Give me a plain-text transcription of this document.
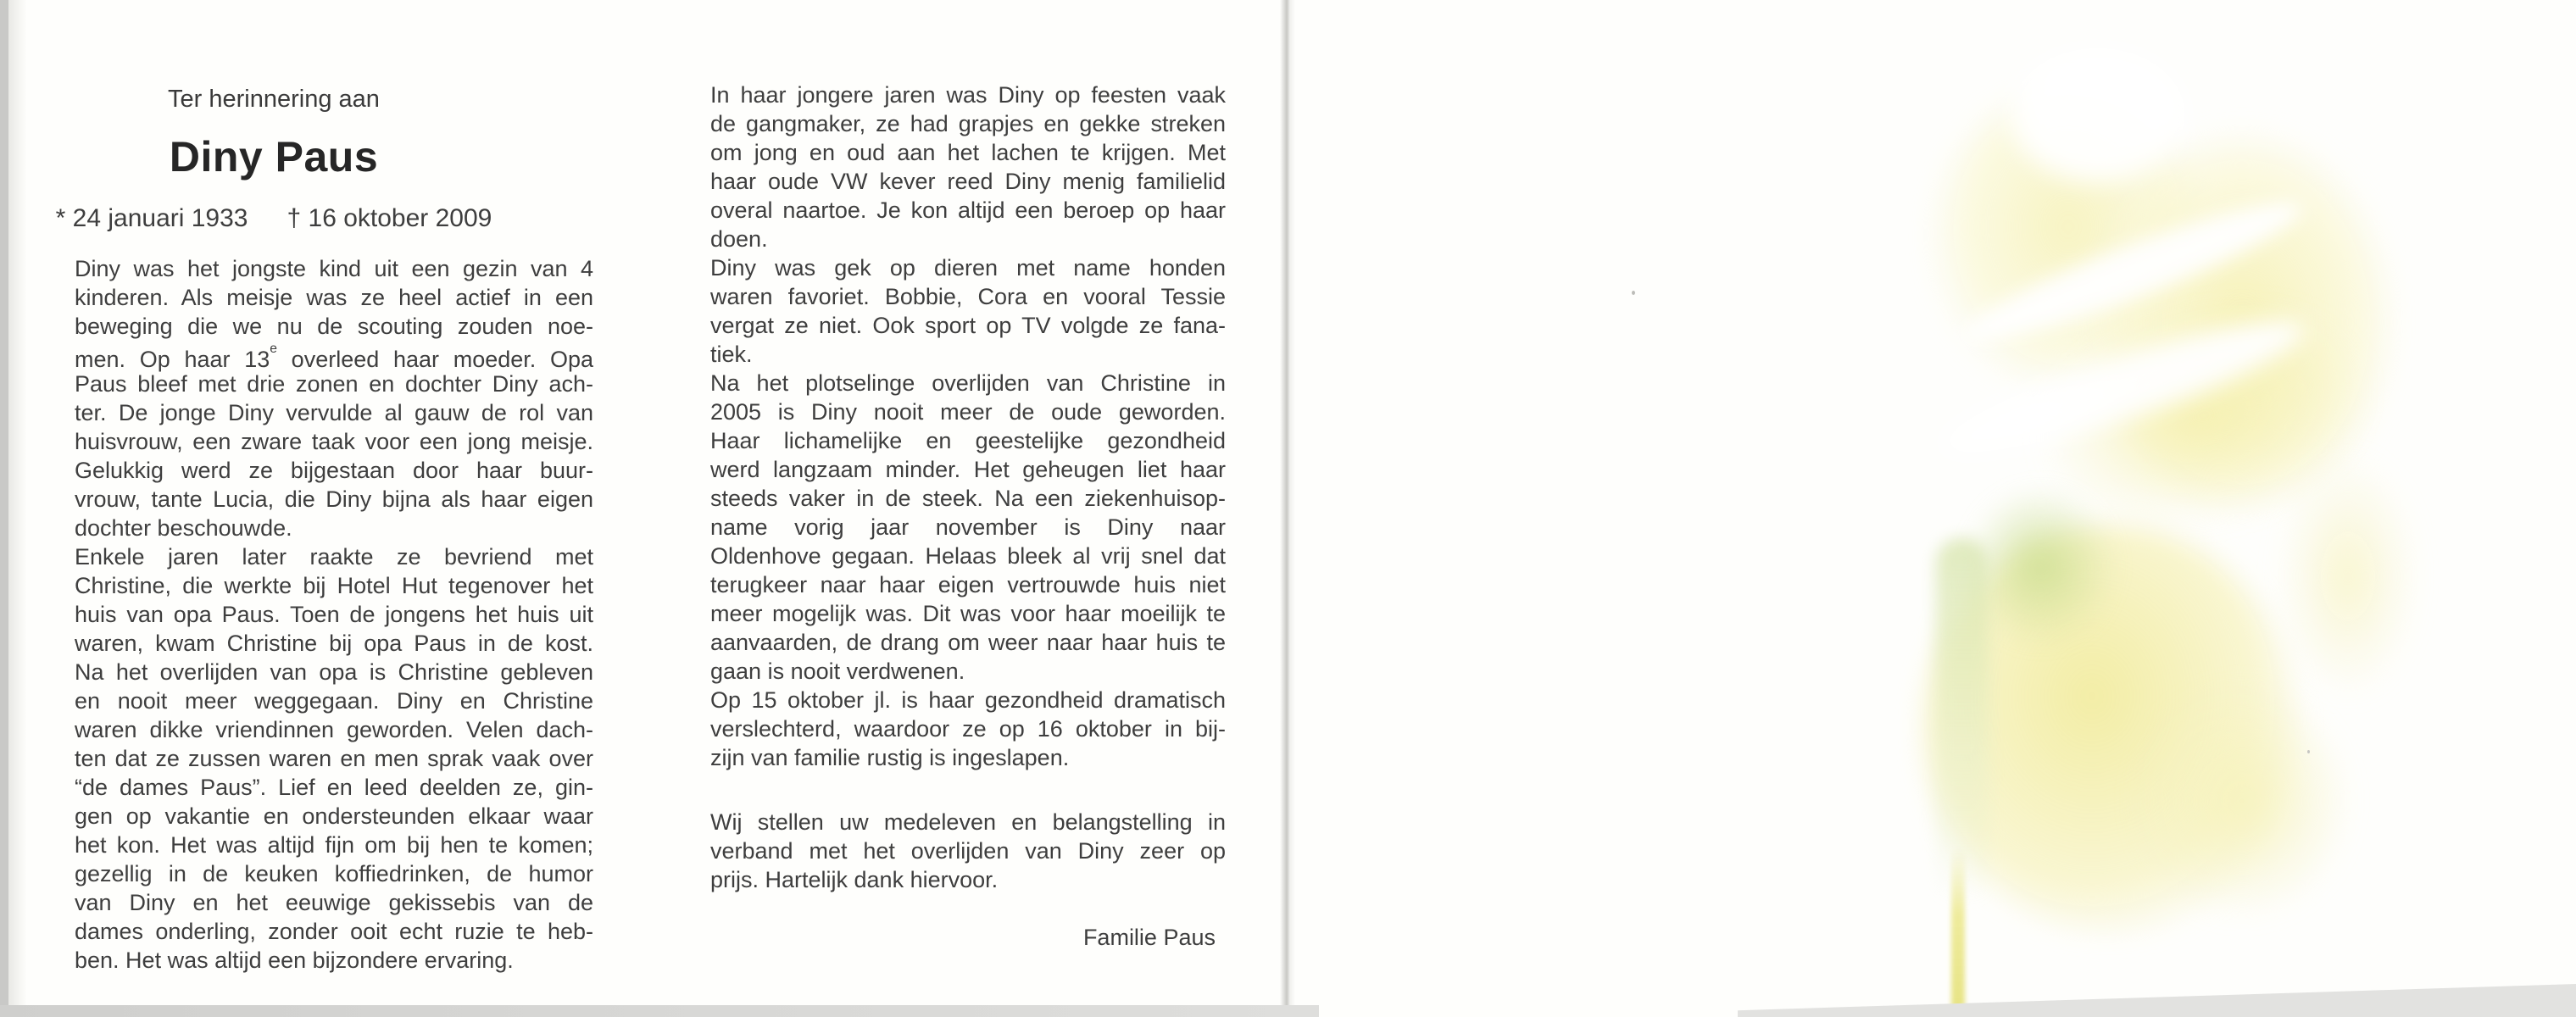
Ter herinnering aan
Diny Paus
* 24 januari 1933 † 16 oktober 2009
Diny was het jongste kind uit een gezin van 4
kinderen. Als meisje was ze heel actief in een
beweging die we nu de scouting zouden noe-
men. Op haar 13e overleed haar moeder. Opa
Paus bleef met drie zonen en dochter Diny ach-
ter. De jonge Diny vervulde al gauw de rol van
huisvrouw, een zware taak voor een jong meisje.
Gelukkig werd ze bijgestaan door haar buur-
vrouw, tante Lucia, die Diny bijna als haar eigen
dochter beschouwde.
Enkele jaren later raakte ze bevriend met
Christine, die werkte bij Hotel Hut tegenover het
huis van opa Paus. Toen de jongens het huis uit
waren, kwam Christine bij opa Paus in de kost.
Na het overlijden van opa is Christine gebleven
en nooit meer weggegaan. Diny en Christine
waren dikke vriendinnen geworden. Velen dach-
ten dat ze zussen waren en men sprak vaak over
“de dames Paus”. Lief en leed deelden ze, gin-
gen op vakantie en ondersteunden elkaar waar
het kon. Het was altijd fijn om bij hen te komen;
gezellig in de keuken koffiedrinken, de humor
van Diny en het eeuwige gekissebis van de
dames onderling, zonder ooit echt ruzie te heb-
ben. Het was altijd een bijzondere ervaring.
In haar jongere jaren was Diny op feesten vaak
de gangmaker, ze had grapjes en gekke streken
om jong en oud aan het lachen te krijgen. Met
haar oude VW kever reed Diny menig familielid
overal naartoe. Je kon altijd een beroep op haar
doen.
Diny was gek op dieren met name honden
waren favoriet. Bobbie, Cora en vooral Tessie
vergat ze niet. Ook sport op TV volgde ze fana-
tiek.
Na het plotselinge overlijden van Christine in
2005 is Diny nooit meer de oude geworden.
Haar lichamelijke en geestelijke gezondheid
werd langzaam minder. Het geheugen liet haar
steeds vaker in de steek. Na een ziekenhuisop-
name vorig jaar november is Diny naar
Oldenhove gegaan. Helaas bleek al vrij snel dat
terugkeer naar haar eigen vertrouwde huis niet
meer mogelijk was. Dit was voor haar moeilijk te
aanvaarden, de drang om weer naar haar huis te
gaan is nooit verdwenen.
Op 15 oktober jl. is haar gezondheid dramatisch
verslechterd, waardoor ze op 16 oktober in bij-
zijn van familie rustig is ingeslapen.
Wij stellen uw medeleven en belangstelling in
verband met het overlijden van Diny zeer op
prijs. Hartelijk dank hiervoor.
Familie Paus
